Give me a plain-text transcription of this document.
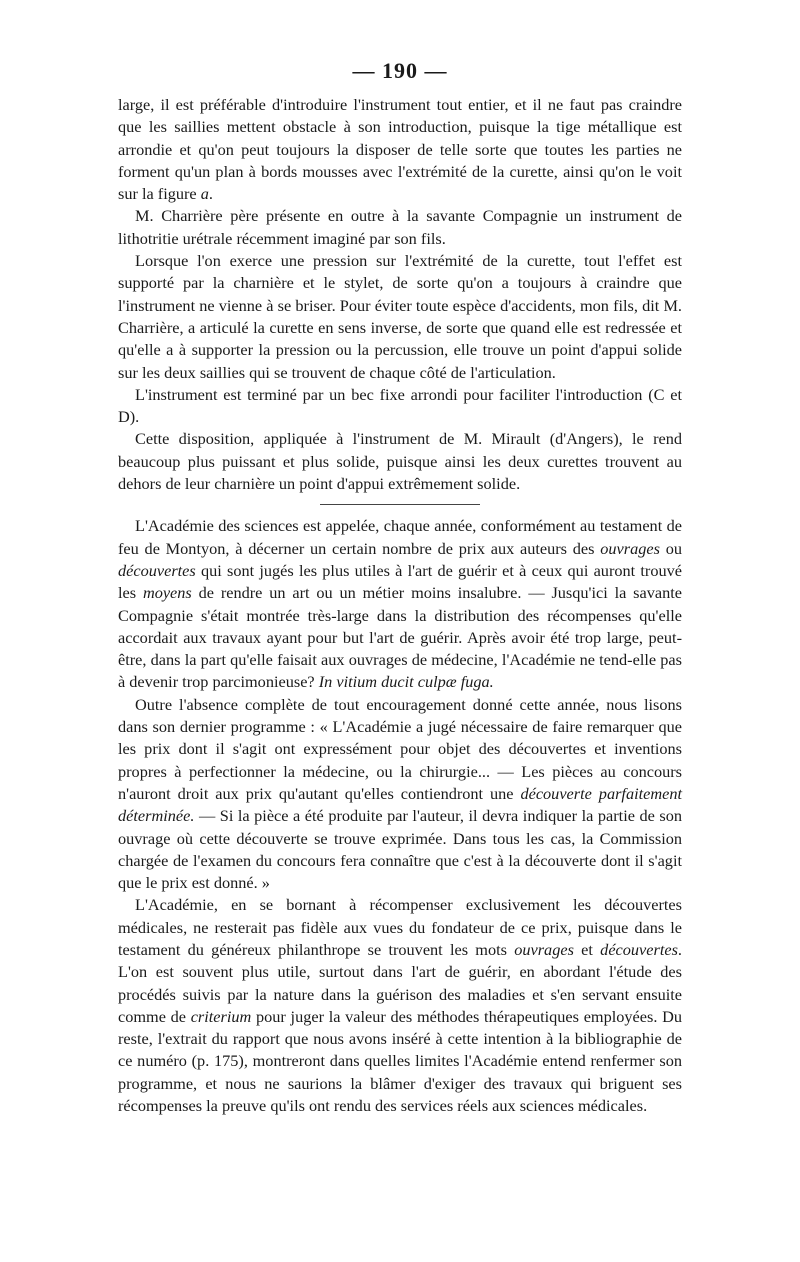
— 190 —

large, il est préférable d'introduire l'instrument tout entier, et il ne faut pas craindre que les saillies mettent obstacle à son introduction, puisque la tige métallique est arrondie et qu'on peut toujours la disposer de telle sorte que toutes les parties ne forment qu'un plan à bords mousses avec l'extrémité de la curette, ainsi qu'on le voit sur la figure a.

M. Charrière père présente en outre à la savante Compagnie un instrument de lithotritie urétrale récemment imaginé par son fils.

Lorsque l'on exerce une pression sur l'extrémité de la curette, tout l'effet est supporté par la charnière et le stylet, de sorte qu'on a toujours à craindre que l'instrument ne vienne à se briser. Pour éviter toute espèce d'accidents, mon fils, dit M. Charrière, a articulé la curette en sens inverse, de sorte que quand elle est redressée et qu'elle a à supporter la pression ou la percussion, elle trouve un point d'appui solide sur les deux saillies qui se trouvent de chaque côté de l'articulation.

L'instrument est terminé par un bec fixe arrondi pour faciliter l'introduction (C et D).

Cette disposition, appliquée à l'instrument de M. Mirault (d'Angers), le rend beaucoup plus puissant et plus solide, puisque ainsi les deux curettes trouvent au dehors de leur charnière un point d'appui extrêmement solide.

L'Académie des sciences est appelée, chaque année, conformément au testament de feu de Montyon, à décerner un certain nombre de prix aux auteurs des ouvrages ou découvertes qui sont jugés les plus utiles à l'art de guérir et à ceux qui auront trouvé les moyens de rendre un art ou un métier moins insalubre. — Jusqu'ici la savante Compagnie s'était montrée très-large dans la distribution des récompenses qu'elle accordait aux travaux ayant pour but l'art de guérir. Après avoir été trop large, peut-être, dans la part qu'elle faisait aux ouvrages de médecine, l'Académie ne tend-elle pas à devenir trop parcimonieuse? In vitium ducit culpæ fuga.

Outre l'absence complète de tout encouragement donné cette année, nous lisons dans son dernier programme : « L'Académie a jugé nécessaire de faire remarquer que les prix dont il s'agit ont expressément pour objet des découvertes et inventions propres à perfectionner la médecine, ou la chirurgie... — Les pièces au concours n'auront droit aux prix qu'autant qu'elles contiendront une découverte parfaitement déterminée. — Si la pièce a été produite par l'auteur, il devra indiquer la partie de son ouvrage où cette découverte se trouve exprimée. Dans tous les cas, la Commission chargée de l'examen du concours fera connaître que c'est à la découverte dont il s'agit que le prix est donné. »

L'Académie, en se bornant à récompenser exclusivement les découvertes médicales, ne resterait pas fidèle aux vues du fondateur de ce prix, puisque dans le testament du généreux philanthrope se trouvent les mots ouvrages et découvertes. L'on est souvent plus utile, surtout dans l'art de guérir, en abordant l'étude des procédés suivis par la nature dans la guérison des maladies et s'en servant ensuite comme de criterium pour juger la valeur des méthodes thérapeutiques employées. Du reste, l'extrait du rapport que nous avons inséré à cette intention à la bibliographie de ce numéro (p. 175), montreront dans quelles limites l'Académie entend renfermer son programme, et nous ne saurions la blâmer d'exiger des travaux qui briguent ses récompenses la preuve qu'ils ont rendu des services réels aux sciences médicales.
